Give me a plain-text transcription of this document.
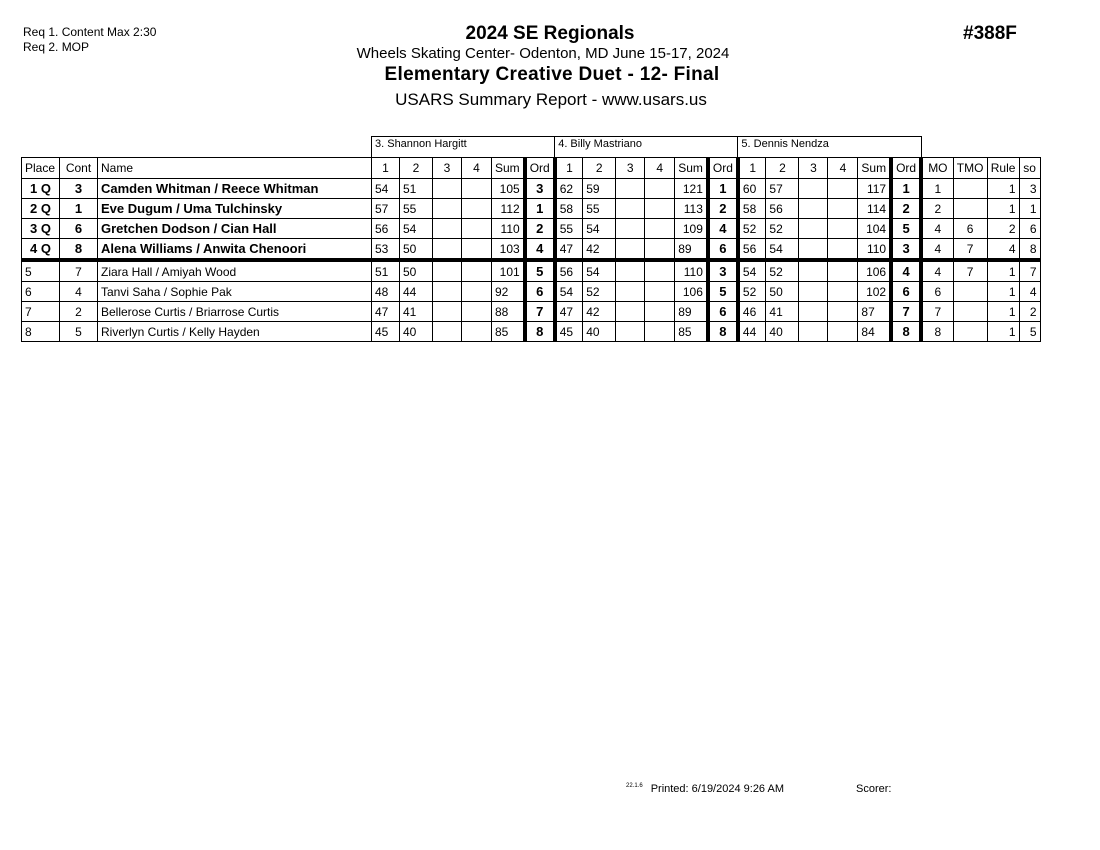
Req 1. Content Max 2:30
Req 2. MOP
2024 SE Regionals
Wheels Skating Center- Odenton, MD June 15-17, 2024
Elementary Creative Duet - 12- Final
USARS Summary Report - www.usars.us
#388F
			3. Shannon Hargitt						4. Billy Mastriano						5. Dennis Nendza									
Place	Cont	Name	1	2	3	4	Sum	Ord	1	2	3	4	Sum	Ord	1	2	3	4	Sum	Ord	MO	TMO	Rule	so
1 Q	3	Camden Whitman / Reece Whitman	54	51			105	3	62	59			121	1	60	57			117	1	1		1	3
2 Q	1	Eve Dugum / Uma Tulchinsky	57	55			112	1	58	55			113	2	58	56			114	2	2		1	1
3 Q	6	Gretchen Dodson / Cian Hall	56	54			110	2	55	54			109	4	52	52			104	5	4	6	2	6
4 Q	8	Alena Williams / Anwita Chenoori	53	50			103	4	47	42			89	6	56	54			110	3	4	7	4	8
5	7	Ziara Hall / Amiyah Wood	51	50			101	5	56	54			110	3	54	52			106	4	4	7	1	7
6	4	Tanvi Saha / Sophie Pak	48	44			92	6	54	52			106	5	52	50			102	6	6		1	4
7	2	Bellerose Curtis / Briarrose Curtis	47	41			88	7	47	42			89	6	46	41			87	7	7		1	2
8	5	Riverlyn Curtis / Kelly Hayden	45	40			85	8	45	40			85	8	44	40			84	8	8		1	5
$^{22.1.6}$ Printed: 6/19/2024 9:26 AM	Scorer:
